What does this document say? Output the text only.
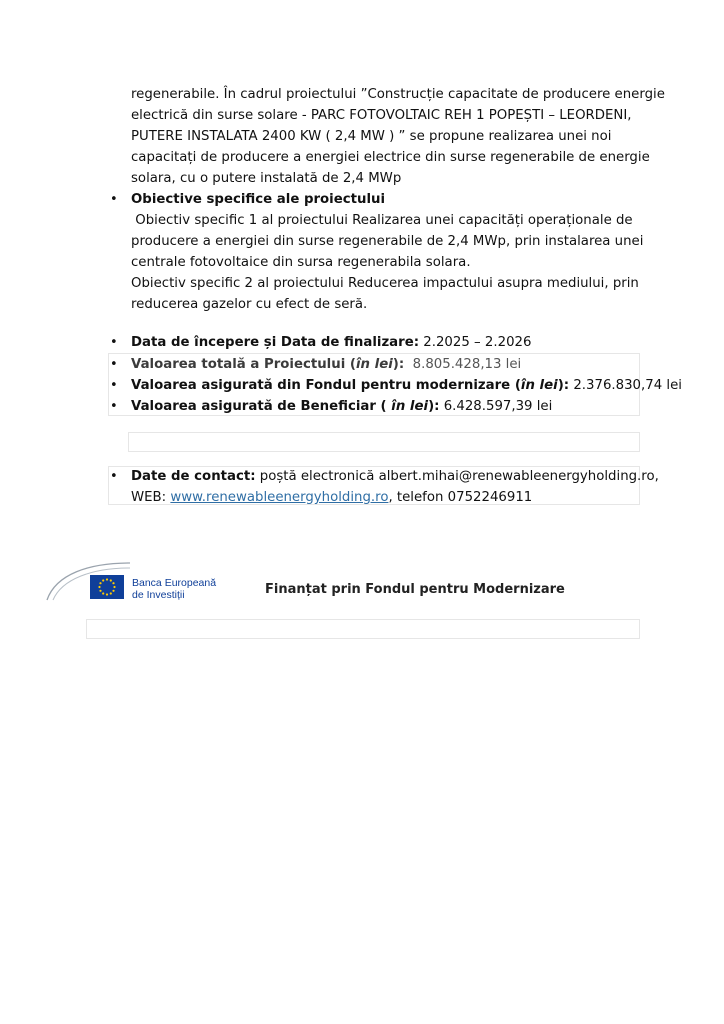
regenerabile. În cadrul proiectului ”Construcție capacitate de producere energie
electrică din surse solare - PARC FOTOVOLTAIC REH 1 POPEȘTI – LEORDENI,
PUTERE INSTALATA 2400 KW ( 2,4 MW ) ” se propune realizarea unei noi
capacitați de producere a energiei electrice din surse regenerabile de energie
solara, cu o putere instalată de 2,4 MWp
• Obiective specifice ale proiectului
Obiectiv specific 1 al proiectului Realizarea unei capacități operaționale de
producere a energiei din surse regenerabile de 2,4 MWp, prin instalarea unei
centrale fotovoltaice din sursa regenerabila solara.
Obiectiv specific 2 al proiectului Reducerea impactului asupra mediului, prin
reducerea gazelor cu efect de seră.
• Data de începere și Data de finalizare: 2.2025 – 2.2026
• Valoarea totală a Proiectului (în lei):  8.805.428,13 lei
• Valoarea asigurată din Fondul pentru modernizare (în lei): 2.376.830,74 lei
• Valoarea asigurată de Beneficiar ( în lei): 6.428.597,39 lei
• Date de contact: poștă electronică albert.mihai@renewableenergyholding.ro,
WEB: www.renewableenergyholding.ro, telefon 0752246911
Banca Europeană
de Investiții	Finanțat prin Fondul pentru Modernizare
